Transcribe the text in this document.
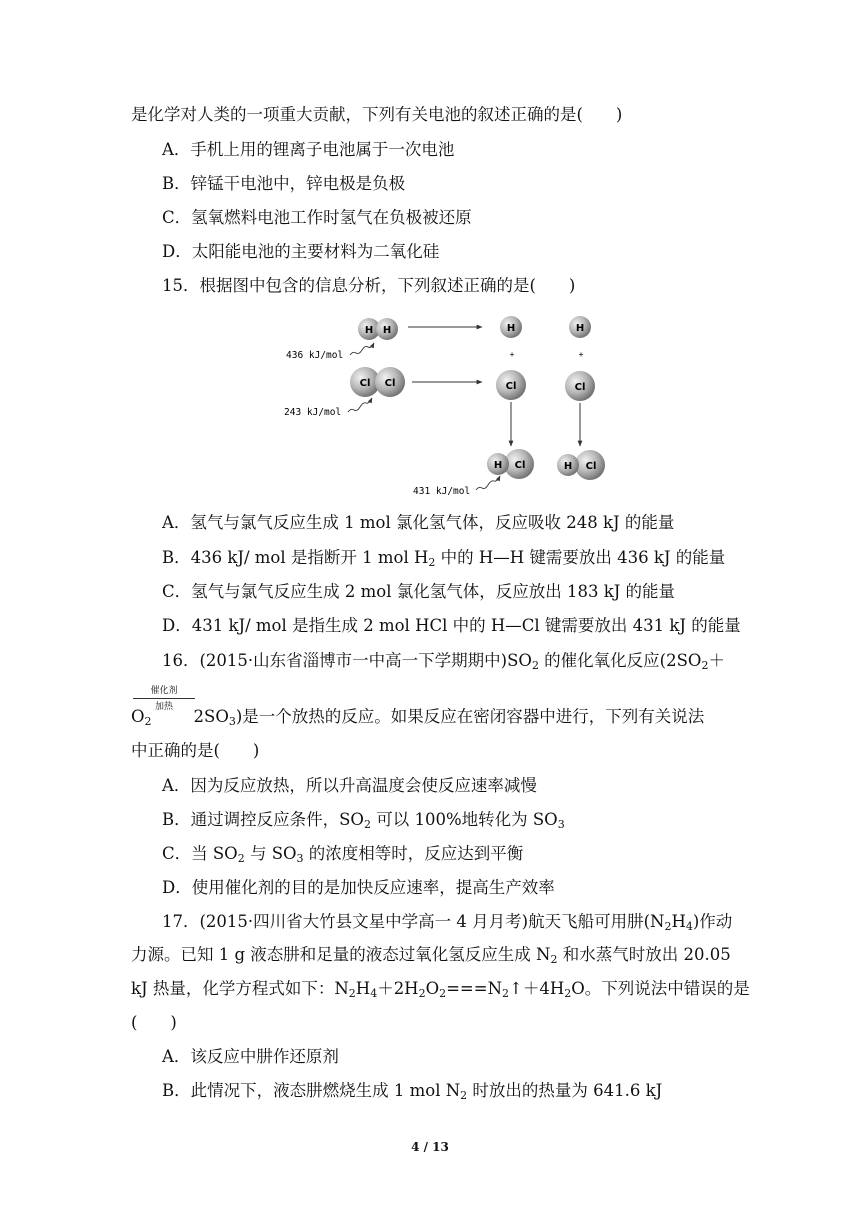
是化学对人类的一项重大贡献，下列有关电池的叙述正确的是(　　)
A．手机上用的锂离子电池属于一次电池
B．锌锰干电池中，锌电极是负极
C．氢氧燃料电池工作时氢气在负极被还原
D．太阳能电池的主要材料为二氧化硅
15．根据图中包含的信息分析，下列叙述正确的是(　　)
H H	H	H
+	+
436 kJ/mol
Cl Cl	Cl	Cl
243 kJ/mol
H Cl	H Cl
431 kJ/mol
A．氢气与氯气反应生成 1 mol 氯化氢气体，反应吸收 248 kJ 的能量
B．436 kJ/ mol 是指断开 1 mol $H_2$ 中的 H—H 键需要放出 436 kJ 的能量
C．氢气与氯气反应生成 2 mol 氯化氢气体，反应放出 183 kJ 的能量
D．431 kJ/ mol 是指生成 2 mol HCl 中的 H—Cl 键需要放出 431 kJ 的能量
16．(2015·山东省淄博市一中高一下学期期中)$SO_2$ 的催化氧化反应($2SO_2+$
催化剂
加热
$O_2$	$2SO_3$)是一个放热的反应。如果反应在密闭容器中进行，下列有关说法
中正确的是(　　)
A．因为反应放热，所以升高温度会使反应速率减慢
B．通过调控反应条件，$SO_2$ 可以 100%地转化为 $SO_3$
C．当 $SO_2$ 与 $SO_3$ 的浓度相等时，反应达到平衡
D．使用催化剂的目的是加快反应速率，提高生产效率
17．(2015·四川省大竹县文星中学高一 4 月月考)航天飞船可用肼$(N_2H_4)$作动
力源。已知 1 g 液态肼和足量的液态过氧化氢反应生成 $N_2$ 和水蒸气时放出 20.05
kJ 热量，化学方程式如下：$N_2H_4+2H_2O_2===N_2↑+4H_2O$。下列说法中错误的是
(　　)
A．该反应中肼作还原剂
B．此情况下，液态肼燃烧生成 1 mol $N_2$ 时放出的热量为 641.6 kJ
4 / 13
